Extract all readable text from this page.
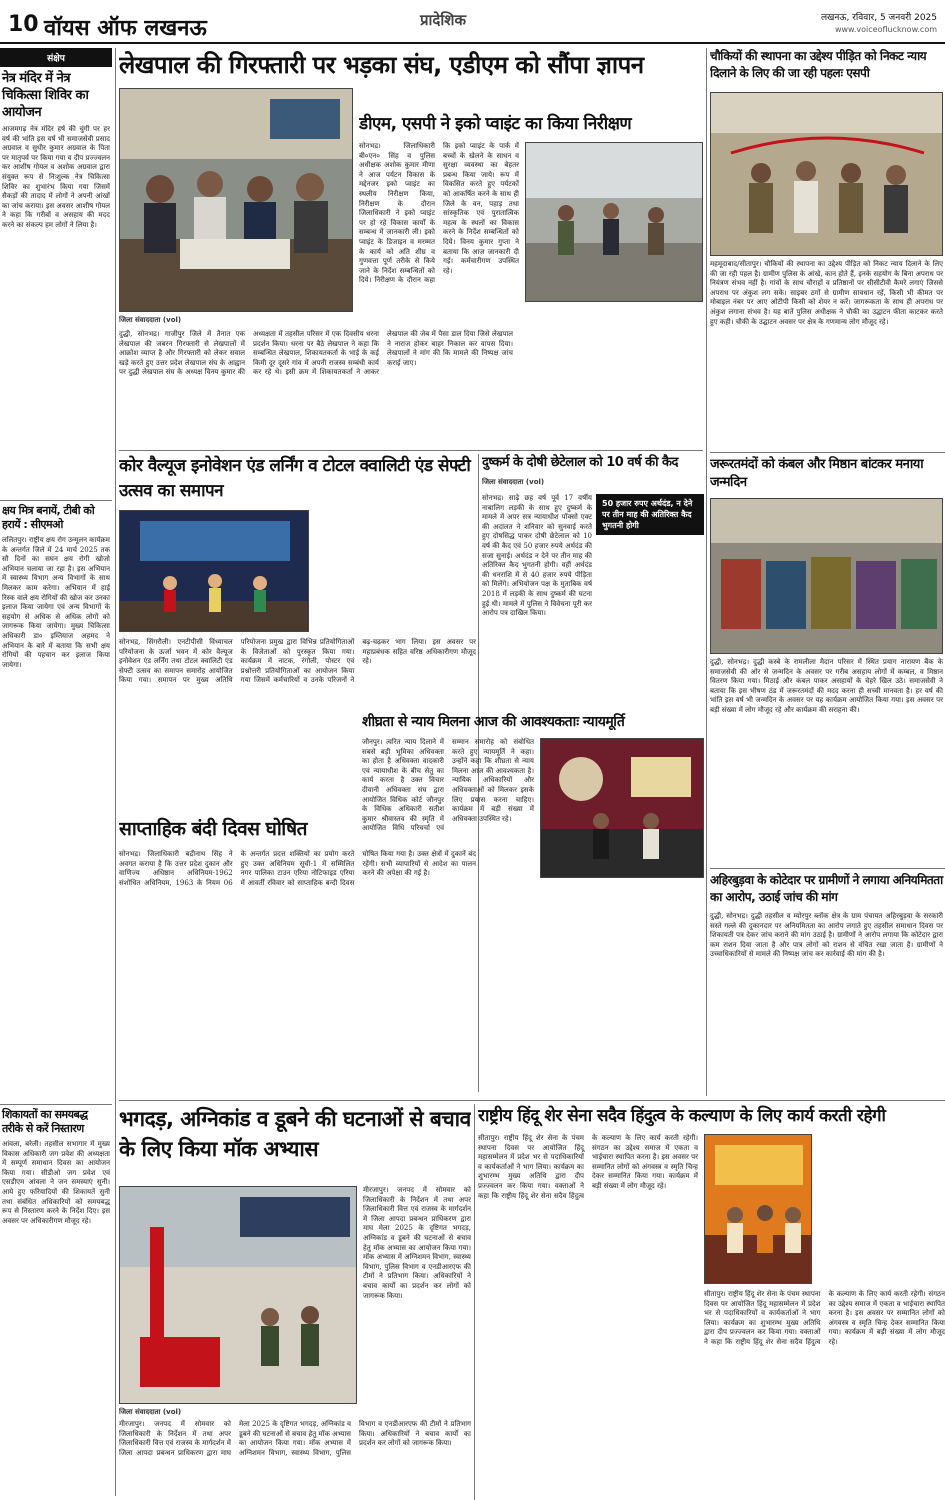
10 वॉयस ऑफ लखनऊ	प्रादेशिक	लखनऊ, रविवार, 5 जनवरी 2025
www.voiceoflucknow.com
संक्षेप
नेत्र मंदिर में नेत्र चिकित्सा शिविर का आयोजन
आजमगढ़ नेत्र मंदिर हर्ष की चुंगी पर हर वर्ष की भांति इस वर्ष भी समाजसेवी प्रसाद अग्रवाल व सुधीर कुमार अग्रवाल के पिता पर मातृपर्व पर किया गया व दीप प्रज्ज्वलन कर आशीष गोयल व अशोक अग्रवाल द्वारा संयुक्त रूप से निःशुल्क नेत्र चिकित्सा शिविर का शुभारंभ किया गया जिसमें सैकड़ों की तादाद में लोगों ने अपनी आंखों का जांच कराया। इस अवसर आशीष गोयल ने कहा कि गरीबों व असहाय की मदद करने का संकल्प हम लोगों ने लिया है।
क्षय मित्र बनायें, टीबी को हरायें : सीएमओ
ललितपुर। राष्ट्रीय क्षय रोग उन्मूलन कार्यक्रम के अन्तर्गत जिले में 24 मार्च 2025 तक सौ दिनों का सघन क्षय रोगी खोजो अभियान चलाया जा रहा है। इस अभियान में स्वास्थ्य विभाग अन्य विभागों के साथ मिलकर काम करेगा। अभियान में हाई रिस्क वाले क्षय रोगियों की खोज कर उनका इलाज किया जायेगा एवं अन्य विभागों के सहयोग से अधिक से अधिक लोगों को जागरूक किया जायेगा। मुख्य चिकित्सा अधिकारी डा० इम्तियाज अहमद ने अभियान के बारे में बताया कि सभी क्षय रोगियों की पहचान कर इलाज किया जायेगा।
शिकायतों का समयबद्ध तरीके से करें निस्तारण
आंवला, बरेली। तहसील सभागार में मुख्य विकास अधिकारी जग प्रवेश की अध्यक्षता में सम्पूर्ण समाधान दिवस का आयोजन किया गया। सीडीओ जग प्रवेश एवं एसडीएम आंवला ने जन समस्याएं सुनी। आये हुए फरियादियों की शिकायतें सुनी तथा संबंधित अधिकारियों को समयबद्ध रूप से निस्तारण करने के निर्देश दिए। इस अवसर पर अधिकारीगण मौजूद रहे।
लेखपाल की गिरफ्तारी पर भड़का संघ, एडीएम को सौंपा ज्ञापन
जिला संवाददाता (vol)
दुद्धी, सोनभद्र। गाजीपुर जिले में तैनात एक लेखपाल की जबरन गिरफ्तारी से लेखपालों में आक्रोश व्याप्त है और गिरफ्तारी को लेकर सवाल खड़े करते हुए उत्तर प्रदेश लेखपाल संघ के आह्वान पर दुद्धी लेखपाल संघ के अध्यक्ष विनय कुमार की अध्यक्षता में तहसील परिसर में एक दिवसीय धरना प्रदर्शन किया। धरना पर बैठे लेखपाल ने कहा कि सम्बन्धित लेखपाल, शिकायतकर्ता के भाई के कई किमी दूर दूसरे गांव में अपनी राजस्व सम्बंधी कार्य कर रहे थे। इसी क्रम में शिकायतकर्ता ने आकर लेखपाल की जेब में पैसा डाल दिया जिसे लेखपाल ने नाराज होकर बाहर निकाल कर वापस दिया। लेखपालों ने मांग की कि मामले की निष्पक्ष जांच कराई जाए।
डीएम, एसपी ने इको प्वाइंट का किया निरीक्षण
सोनभद्र। जिलाधिकारी बी०एन० सिंह व पुलिस अधीक्षक अशोक कुमार मीणा ने आज पर्यटन विकास के मद्देनजर इको प्वाइंट का स्थलीय निरीक्षण किया, निरीक्षण के दौरान जिलाधिकारी ने इको प्वाइंट पर हो रहे विकास कार्यों के सम्बन्ध में जानकारी ली। इको प्वाइंट के डिजाइन व मरम्मत के कार्य को अति शीघ्र व गुणवत्ता पूर्ण तरीके से किये जाने के निर्देश सम्बन्धितों को दिये। निरीक्षण के दौरान कहा कि इको प्वाइंट के पार्क में बच्चों के खेलने के साधन व सुरक्षा व्यवस्था का बेहतर प्रबन्ध किया जाये। रूप में विकसित करते हुए पर्यटकों को आकर्षित करने के साथ ही जिले के वन, पहाड़ तथा सांस्कृतिक एवं पुरातात्विक महत्व के स्थलों का विकास करने के निर्देश सम्बन्धितों को दिये। विनय कुमार गुप्ता ने बताया कि आज जानकारी दी गई। कर्मचारीगण उपस्थित रहे।
चौकियों की स्थापना का उद्देश्य पीड़ित को निकट न्याय दिलाने के लिए की जा रही पहलः एसपी
महमूदाबाद/सीतापुर। चौकियों की स्थापना का उद्देश्य पीड़ित को निकट न्याय दिलाने के लिए की जा रही पहल है। ग्रामीण पुलिस के आंखे, कान होते हैं, इनके सहयोग के बिना अपराध पर नियंत्रण संभव नहीं है। गांवों के साथ चौराहों व प्रतिष्ठानों पर सीसीटीवी कैमरे लगाएं जिससे अपराध पर अंकुश लग सके। साइबर ठगों से ग्रामीण सावधान रहें, किसी भी कीमत पर मोबाइल नंबर पर आए ओटीपी किसी को शेयर न करें। जागरूकता के साथ ही अपराध पर अंकुश लगाना संभव है। यह बातें पुलिस अधीक्षक ने चौकी का उद्घाटन फीता काटकर करते हुए कही। चौकी के उद्घाटन अवसर पर क्षेत्र के गणमान्य लोग मौजूद रहे।
जरूरतमंदों को कंबल और मिष्ठान बांटकर मनाया जन्मदिन
दुद्धी, सोनभद्र। दुद्धी कस्बे के रामलीला मैदान परिसर में स्थित प्रयाग नारायण बैंक के समाजसेवी की ओर से जन्मदिन के अवसर पर गरीब असहाय लोगों में कम्बल, व मिष्ठान वितरण किया गया। मिठाई और कंबल पाकर असहायों के चेहरे खिल उठे। समाजसेवी ने बताया कि इस भीषण ठंड में जरूरतमंदों की मदद करना ही सच्ची मानवता है। हर वर्ष की भांति इस वर्ष भी जन्मदिन के अवसर पर यह कार्यक्रम आयोजित किया गया। इस अवसर पर बड़ी संख्या में लोग मौजूद रहे और कार्यक्रम की सराहना की।
अहिरबुड़वा के कोटेदार पर ग्रामीणों ने लगाया अनियमितता का आरोप, उठाई जांच की मांग
दुद्धी, सोनभद्र। दुद्धी तहसील व म्योरपुर ब्लॉक क्षेत्र के ग्राम पंचायत अहिरबुड़वा के सरकारी सस्ते गल्ले की दुकानदार पर अनियमितता का आरोप लगाते हुए तहसील समाधान दिवस पर शिकायती पत्र देकर जांच कराने की मांग उठाई है। ग्रामीणों ने आरोप लगाया कि कोटेदार द्वारा कम राशन दिया जाता है और पात्र लोगों को राशन से वंचित रखा जाता है। ग्रामीणों ने उच्चाधिकारियों से मामले की निष्पक्ष जांच कर कार्रवाई की मांग की है।
कोर वैल्यूज इनोवेशन एंड लर्निंग व टोटल क्वालिटी एंड सेफ्टी उत्सव का समापन
सोनभद्र, सिंगरौली। एनटीपीसी विंध्याचल परियोजना के ऊर्जा भवन में कोर वैल्यूज इनोवेशन एंड लर्निंग तथा टोटल क्वालिटी एंड सेफ्टी उत्सव का समापन समारोह आयोजित किया गया। समापन पर मुख्य अतिथि परियोजना प्रमुख द्वारा विभिन्न प्रतियोगिताओं के विजेताओं को पुरस्कृत किया गया। कार्यक्रम में नाटक, रंगोली, पोस्टर एवं प्रश्नोत्तरी प्रतियोगिताओं का आयोजन किया गया जिसमें कर्मचारियों व उनके परिजनों ने बढ़-चढ़कर भाग लिया। इस अवसर पर महाप्रबंधक सहित वरिष्ठ अधिकारीगण मौजूद रहे।
साप्ताहिक बंदी दिवस घोषित
सोनभद्र। जिलाधिकारी बद्रीनाथ सिंह ने अवगत कराया है कि उत्तर प्रदेश दुकान और वाणिज्य अधिष्ठान अधिनियम-1962 संशोधित अधिनियम, 1963 के नियम 06 के अन्तर्गत प्रदत्त शक्तियों का प्रयोग करते हुए उक्त अधिनियम सूची-1 में सम्मिलित नगर पालिका टाउन एरिया नोटिफाइड एरिया में आवर्ती रविवार को साप्ताहिक बन्दी दिवस घोषित किया गया है। उक्त क्षेत्रों में दुकानें बंद रहेंगी। सभी व्यापारियों से आदेश का पालन करने की अपेक्षा की गई है।
दुष्कर्म के दोषी छेटेलाल को 10 वर्ष की कैद
जिला संवाददाता (vol)
50 हजार रुपए अर्थदंड, न देने पर तीन माह की अतिरिक्त कैद भुगतनी होगी
सोनभद्र। साढ़े छह वर्ष पूर्व 17 वर्षीय नाबालिग लड़की के साथ हुए दुष्कर्म के मामले में अपर सत्र न्यायाधीश पॉक्सो एक्ट की अदालत ने शनिवार को सुनवाई करते हुए दोषसिद्ध पाकर दोषी छेटेलाल को 10 वर्ष की कैद एवं 50 हजार रुपये अर्थदंड की सजा सुनाई। अर्थदंड न देने पर तीन माह की अतिरिक्त कैद भुगतनी होगी। वहीं अर्थदंड की धनराशि में से 40 हजार रुपये पीड़िता को मिलेंगे। अभियोजन पक्ष के मुताबिक वर्ष 2018 में लड़की के साथ दुष्कर्म की घटना हुई थी। मामले में पुलिस ने विवेचना पूरी कर आरोप पत्र दाखिल किया।
शीघ्रता से न्याय मिलना आज की आवश्यकताः न्यायमूर्ति
जौनपुर। त्वरित न्याय दिलाने में सबसे बड़ी भूमिका अधिवक्ता का होता है अधिवक्ता वादकारी एवं न्यायाधीश के बीच सेतु का कार्य करता है उक्त विचार दीवानी अधिवक्ता संघ द्वारा आयोजित विधिक कोर्ट जौनपुर के विधिक अधिकारी सतीश कुमार श्रीवास्तव की स्मृति में आयोजित विधि परिचर्चा एवं सम्मान समारोह को संबोधित करते हुए न्यायमूर्ति ने कहा। उन्होंने कहा कि शीघ्रता से न्याय मिलना आज की आवश्यकता है। न्यायिक अधिकारियों और अधिवक्ताओं को मिलकर इसके लिए प्रयास करना चाहिए। कार्यक्रम में बड़ी संख्या में अधिवक्ता उपस्थित रहे।
भगदड़, अग्निकांड व डूबने की घटनाओं से बचाव के लिए किया मॉक अभ्यास
जिला संवाददाता (vol)
मीरजापुर। जनपद में सोमवार को जिलाधिकारी के निर्देशन में तथा अपर जिलाधिकारी वित्त एवं राजस्व के मार्गदर्शन में जिला आपदा प्रबन्धन प्राधिकरण द्वारा माघ मेला 2025 के दृष्टिगत भगदड़, अग्निकांड व डूबने की घटनाओं से बचाव हेतु मॉक अभ्यास का आयोजन किया गया। मॉक अभ्यास में अग्निशमन विभाग, स्वास्थ्य विभाग, पुलिस विभाग व एनडीआरएफ की टीमों ने प्रतिभाग किया। अधिकारियों ने बचाव कार्यों का प्रदर्शन कर लोगों को जागरूक किया।
मीरजापुर। जनपद में सोमवार को जिलाधिकारी के निर्देशन में तथा अपर जिलाधिकारी वित्त एवं राजस्व के मार्गदर्शन में जिला आपदा प्रबन्धन प्राधिकरण द्वारा माघ मेला 2025 के दृष्टिगत भगदड़, अग्निकांड व डूबने की घटनाओं से बचाव हेतु मॉक अभ्यास का आयोजन किया गया। मॉक अभ्यास में अग्निशमन विभाग, स्वास्थ्य विभाग, पुलिस विभाग व एनडीआरएफ की टीमों ने प्रतिभाग किया। अधिकारियों ने बचाव कार्यों का प्रदर्शन कर लोगों को जागरूक किया।
राष्ट्रीय हिंदू शेर सेना सदैव हिंदुत्व के कल्याण के लिए कार्य करती रहेगी
सीतापुर। राष्ट्रीय हिंदू शेर सेना के पंचम स्थापना दिवस पर आयोजित हिंदू महासम्मेलन में प्रदेश भर से पदाधिकारियों व कार्यकर्ताओं ने भाग लिया। कार्यक्रम का शुभारम्भ मुख्य अतिथि द्वारा दीप प्रज्ज्वलन कर किया गया। वक्ताओं ने कहा कि राष्ट्रीय हिंदू शेर सेना सदैव हिंदुत्व के कल्याण के लिए कार्य करती रहेगी। संगठन का उद्देश्य समाज में एकता व भाईचारा स्थापित करना है। इस अवसर पर सम्मानित लोगों को अंगवस्त्र व स्मृति चिन्ह देकर सम्मानित किया गया। कार्यक्रम में बड़ी संख्या में लोग मौजूद रहे।
सीतापुर। राष्ट्रीय हिंदू शेर सेना के पंचम स्थापना दिवस पर आयोजित हिंदू महासम्मेलन में प्रदेश भर से पदाधिकारियों व कार्यकर्ताओं ने भाग लिया। कार्यक्रम का शुभारम्भ मुख्य अतिथि द्वारा दीप प्रज्ज्वलन कर किया गया। वक्ताओं ने कहा कि राष्ट्रीय हिंदू शेर सेना सदैव हिंदुत्व के कल्याण के लिए कार्य करती रहेगी। संगठन का उद्देश्य समाज में एकता व भाईचारा स्थापित करना है। इस अवसर पर सम्मानित लोगों को अंगवस्त्र व स्मृति चिन्ह देकर सम्मानित किया गया। कार्यक्रम में बड़ी संख्या में लोग मौजूद रहे।
